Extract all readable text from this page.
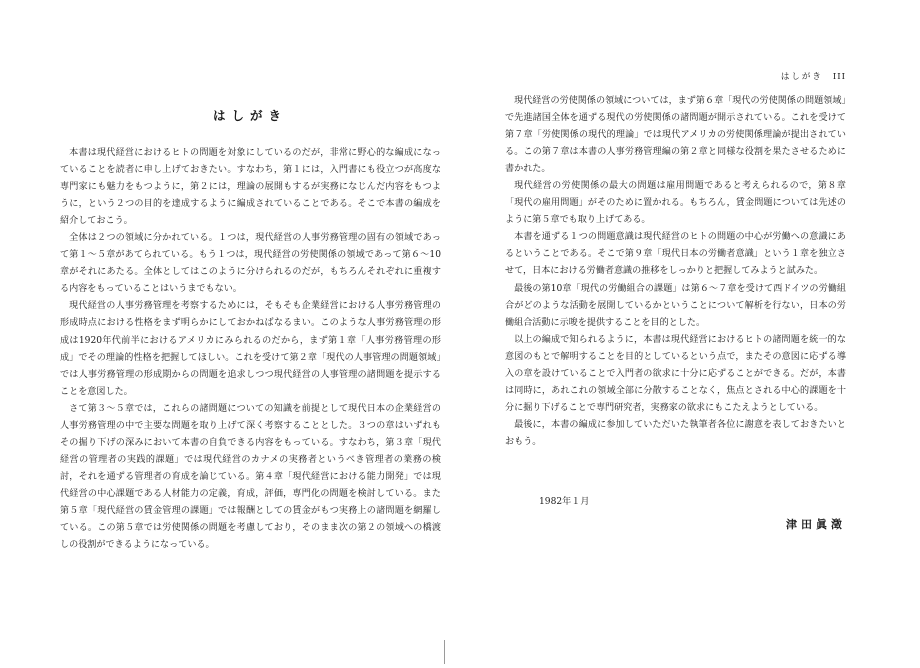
はしがき

本書は現代経営におけるヒトの問題を対象にしているのだが，非常に野心的な編成になっていることを読者に申し上げておきたい。すなわち，第１には，入門書にも役立つが高度な専門家にも魅力をもつように，第２には，理論の展開もするが実務になじんだ内容をもつように，という２つの目的を達成するように編成されていることである。そこで本書の編成を紹介しておこう。

全体は２つの領域に分かれている。１つは，現代経営の人事労務管理の固有の領域であって第１〜５章があてられている。もう１つは，現代経営の労使関係の領域であって第６〜10章がそれにあたる。全体としてはこのように分けられるのだが，もちろんそれぞれに重複する内容をもっていることはいうまでもない。

現代経営の人事労務管理を考察するためには，そもそも企業経営における人事労務管理の形成時点における性格をまず明らかにしておかねばなるまい。このような人事労務管理の形成は1920年代前半におけるアメリカにみられるのだから，まず第１章「人事労務管理の形成」でその理論的性格を把握してほしい。これを受けて第２章「現代の人事管理の問題領域」では人事労務管理の形成期からの問題を追求しつつ現代経営の人事管理の諸問題を提示することを意図した。

さて第３〜５章では，これらの諸問題についての知識を前提として現代日本の企業経営の人事労務管理の中で主要な問題を取り上げて深く考察することとした。３つの章はいずれもその掘り下げの深みにおいて本書の自負できる内容をもっている。すなわち，第３章「現代経営の管理者の実践的課題」では現代経営のカナメの実務者というべき管理者の業務の検討，それを通ずる管理者の育成を論じている。第４章「現代経営における能力開発」では現代経営の中心課題である人材能力の定義，育成，評価，専門化の問題を検討している。また第５章「現代経営の賃金管理の課題」では報酬としての賃金がもつ実務上の諸問題を網羅している。この第５章では労使関係の問題を考慮しており，そのまま次の第２の領域への橋渡しの役割ができるようになっている。

はしがき III

現代経営の労使関係の領域については，まず第６章「現代の労使関係の問題領域」で先進諸国全体を通ずる現代の労使関係の諸問題が開示されている。これを受けて第７章「労使関係の現代的理論」では現代アメリカの労使関係理論が提出されている。この第７章は本書の人事労務管理編の第２章と同様な役割を果たさせるために書かれた。

現代経営の労使関係の最大の問題は雇用問題であると考えられるので，第８章「現代の雇用問題」がそのために置かれる。もちろん，賃金問題については先述のように第５章でも取り上げてある。

本書を通ずる１つの問題意識は現代経営のヒトの問題の中心が労働への意識にあるということである。そこで第９章「現代日本の労働者意識」という１章を独立させて，日本における労働者意識の推移をしっかりと把握してみようと試みた。

最後の第10章「現代の労働組合の課題」は第６〜７章を受けて西ドイツの労働組合がどのような活動を展開しているかということについて解析を行ない，日本の労働組合活動に示唆を提供することを目的とした。

以上の編成で知られるように，本書は現代経営におけるヒトの諸問題を統一的な意図のもとで解明することを目的としているという点で，またその意図に応ずる導入の章を設けていることで入門者の欲求に十分に応ずることができる。だが，本書は同時に，あれこれの領域全部に分散することなく，焦点とされる中心的課題を十分に掘り下げることで専門研究者，実務家の欲求にもこたえようとしている。

最後に，本書の編成に参加していただいた執筆者各位に謝意を表しておきたいとおもう。

1982年１月

津田眞澂
